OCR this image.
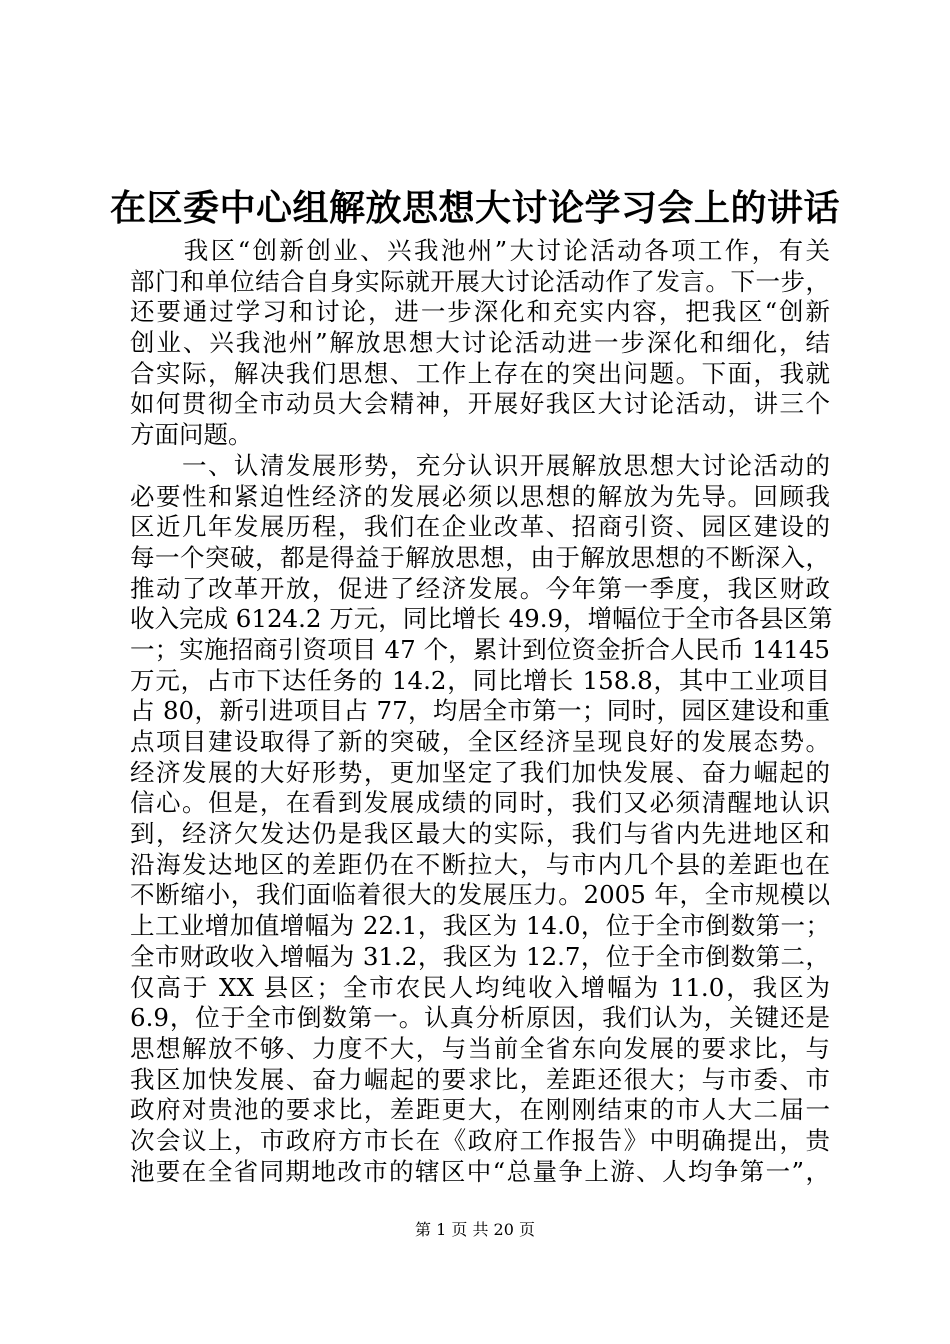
在区委中心组解放思想大讨论学习会上的讲话
　　我区“创新创业、兴我池州”大讨论活动各项工作，有关
部门和单位结合自身实际就开展大讨论活动作了发言。下一步，
还要通过学习和讨论，进一步深化和充实内容，把我区“创新
创业、兴我池州”解放思想大讨论活动进一步深化和细化，结
合实际，解决我们思想、工作上存在的突出问题。下面，我就
如何贯彻全市动员大会精神，开展好我区大讨论活动，讲三个
方面问题。
　　一、认清发展形势，充分认识开展解放思想大讨论活动的
必要性和紧迫性经济的发展必须以思想的解放为先导。回顾我
区近几年发展历程，我们在企业改革、招商引资、园区建设的
每一个突破，都是得益于解放思想，由于解放思想的不断深入，
推动了改革开放，促进了经济发展。今年第一季度，我区财政
收入完成 6124.2 万元，同比增长 49.9，增幅位于全市各县区第
一；实施招商引资项目 47 个，累计到位资金折合人民币 14145
万元，占市下达任务的 14.2，同比增长 158.8，其中工业项目
占 80，新引进项目占 77，均居全市第一；同时，园区建设和重
点项目建设取得了新的突破，全区经济呈现良好的发展态势。
经济发展的大好形势，更加坚定了我们加快发展、奋力崛起的
信心。但是，在看到发展成绩的同时，我们又必须清醒地认识
到，经济欠发达仍是我区最大的实际，我们与省内先进地区和
沿海发达地区的差距仍在不断拉大，与市内几个县的差距也在
不断缩小，我们面临着很大的发展压力。2005 年，全市规模以
上工业增加值增幅为 22.1，我区为 14.0，位于全市倒数第一；
全市财政收入增幅为 31.2，我区为 12.7，位于全市倒数第二，
仅高于 XX 县区；全市农民人均纯收入增幅为 11.0，我区为
6.9，位于全市倒数第一。认真分析原因，我们认为，关键还是
思想解放不够、力度不大，与当前全省东向发展的要求比，与
我区加快发展、奋力崛起的要求比，差距还很大；与市委、市
政府对贵池的要求比，差距更大，在刚刚结束的市人大二届一
次会议上，市政府方市长在《政府工作报告》中明确提出，贵
池要在全省同期地改市的辖区中“总量争上游、人均争第一”，
第 1 页 共 20 页
